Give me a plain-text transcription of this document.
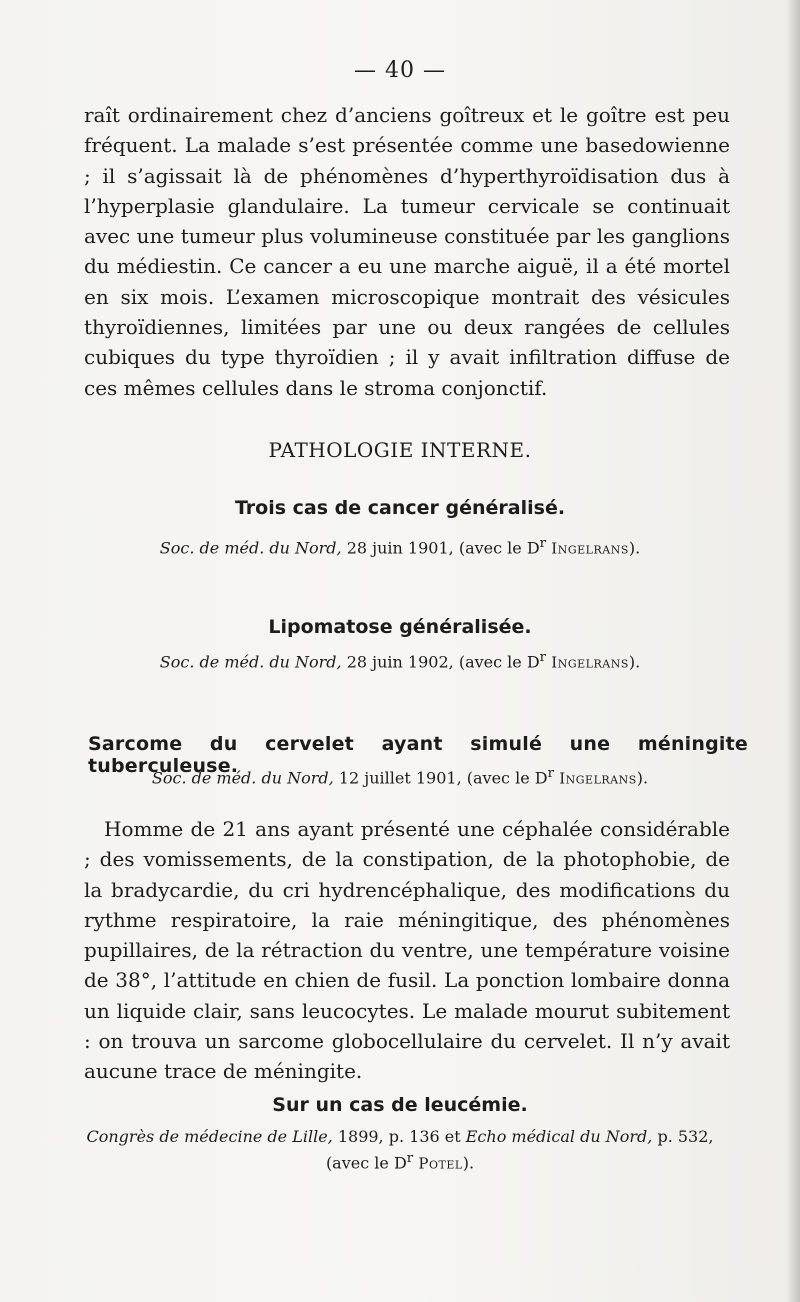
— 40 —
raît ordinairement chez d’anciens goîtreux et le goître est peu fréquent. La malade s’est présentée comme une basedowienne ; il s’agissait là de phénomènes d’hyperthyroïdisation dus à l’hyperplasie glandulaire. La tumeur cervicale se continuait avec une tumeur plus volumineuse constituée par les ganglions du médiestin. Ce cancer a eu une marche aiguë, il a été mortel en six mois. L’examen microscopique montrait des vésicules thyroïdiennes, limitées par une ou deux rangées de cellules cubiques du type thyroïdien ; il y avait infiltration diffuse de ces mêmes cellules dans le stroma conjonctif.
PATHOLOGIE INTERNE.
Trois cas de cancer généralisé.
Soc. de méd. du Nord, 28 juin 1901, (avec le $D^r$ Ingelrans).
Lipomatose généralisée.
Soc. de méd. du Nord, 28 juin 1902, (avec le $D^r$ Ingelrans).
Sarcome du cervelet ayant simulé une méningite tuberculeuse.
Soc. de méd. du Nord, 12 juillet 1901, (avec le $D^r$ Ingelrans).
Homme de 21 ans ayant présenté une céphalée considérable ; des vomissements, de la constipation, de la photophobie, de la bradycardie, du cri hydrencéphalique, des modifications du rythme respiratoire, la raie méningitique, des phénomènes pupillaires, de la rétraction du ventre, une température voisine de 38°, l’attitude en chien de fusil. La ponction lombaire donna un liquide clair, sans leucocytes. Le malade mourut subitement : on trouva un sarcome globocellulaire du cervelet. Il n’y avait aucune trace de méningite.
Sur un cas de leucémie.
Congrès de médecine de Lille, 1899, p. 136 et Echo médical du Nord, p. 532,
(avec le $D^r$ Potel).
